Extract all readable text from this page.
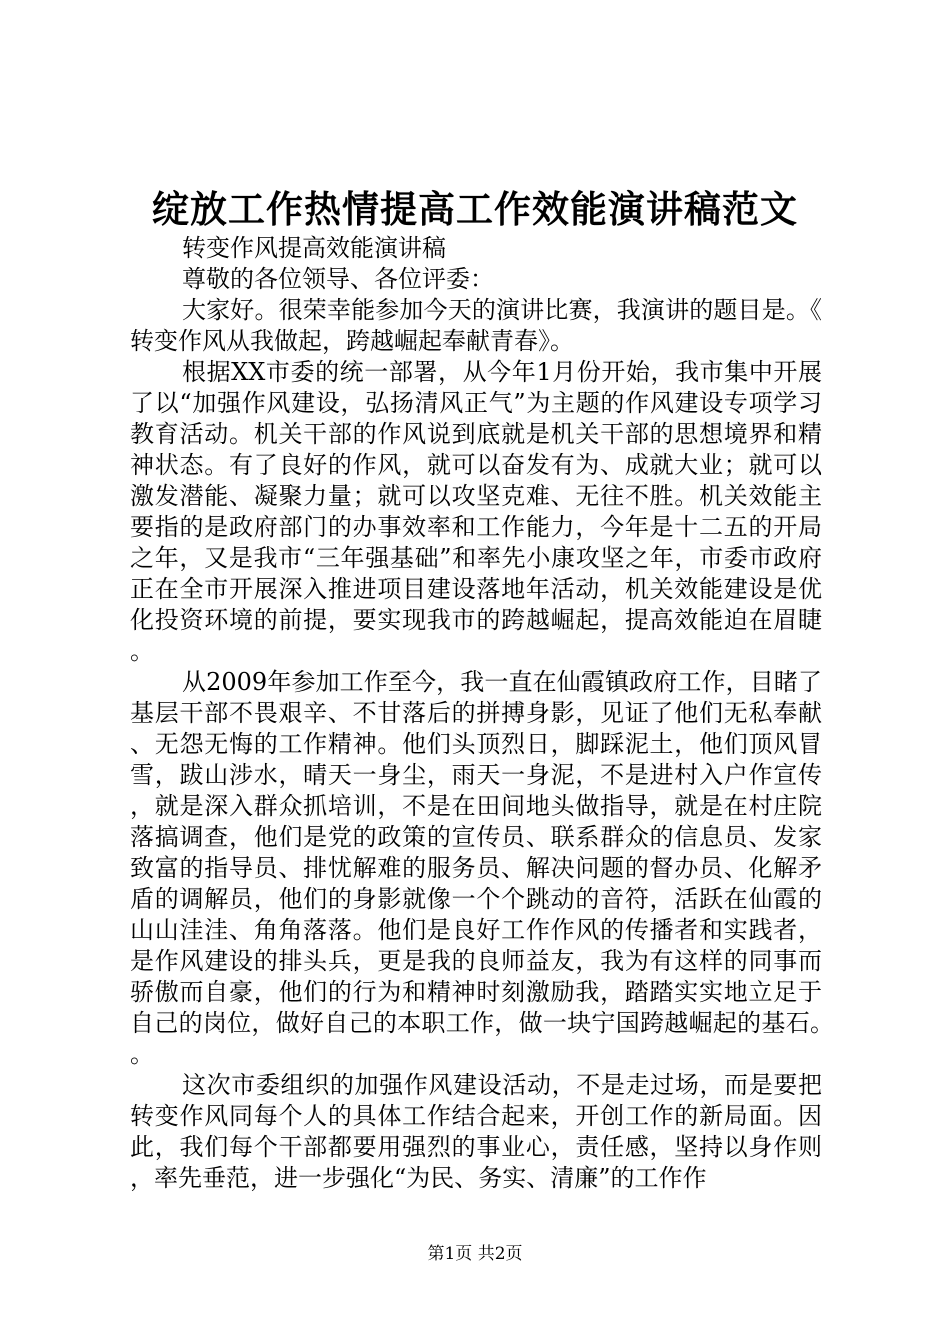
绽放工作热情提高工作效能演讲稿范文

转变作风提高效能演讲稿

尊敬的各位领导、各位评委：

大家好。很荣幸能参加今天的演讲比赛，我演讲的题目是。《转变作风从我做起，跨越崛起奉献青春》。

根据XX市委的统一部署，从今年1月份开始，我市集中开展了以“加强作风建设，弘扬清风正气”为主题的作风建设专项学习教育活动。机关干部的作风说到底就是机关干部的思想境界和精神状态。有了良好的作风，就可以奋发有为、成就大业；就可以激发潜能、凝聚力量；就可以攻坚克难、无往不胜。机关效能主要指的是政府部门的办事效率和工作能力，今年是十二五的开局之年，又是我市“三年强基础”和率先小康攻坚之年，市委市政府正在全市开展深入推进项目建设落地年活动，机关效能建设是优化投资环境的前提，要实现我市的跨越崛起，提高效能迫在眉睫。

从2009年参加工作至今，我一直在仙霞镇政府工作，目睹了基层干部不畏艰辛、不甘落后的拼搏身影，见证了他们无私奉献、无怨无悔的工作精神。他们头顶烈日，脚踩泥土，他们顶风冒雪，跋山涉水，晴天一身尘，雨天一身泥，不是进村入户作宣传，就是深入群众抓培训，不是在田间地头做指导，就是在村庄院落搞调查，他们是党的政策的宣传员、联系群众的信息员、发家致富的指导员、排忧解难的服务员、解决问题的督办员、化解矛盾的调解员，他们的身影就像一个个跳动的音符，活跃在仙霞的山山洼洼、角角落落。他们是良好工作作风的传播者和实践者，是作风建设的排头兵，更是我的良师益友，我为有这样的同事而骄傲而自豪，他们的行为和精神时刻激励我，踏踏实实地立足于自己的岗位，做好自己的本职工作，做一块宁国跨越崛起的基石。。

这次市委组织的加强作风建设活动，不是走过场，而是要把转变作风同每个人的具体工作结合起来，开创工作的新局面。因此，我们每个干部都要用强烈的事业心，责任感，坚持以身作则，率先垂范，进一步强化“为民、务实、清廉”的工作作

第1页 共2页
